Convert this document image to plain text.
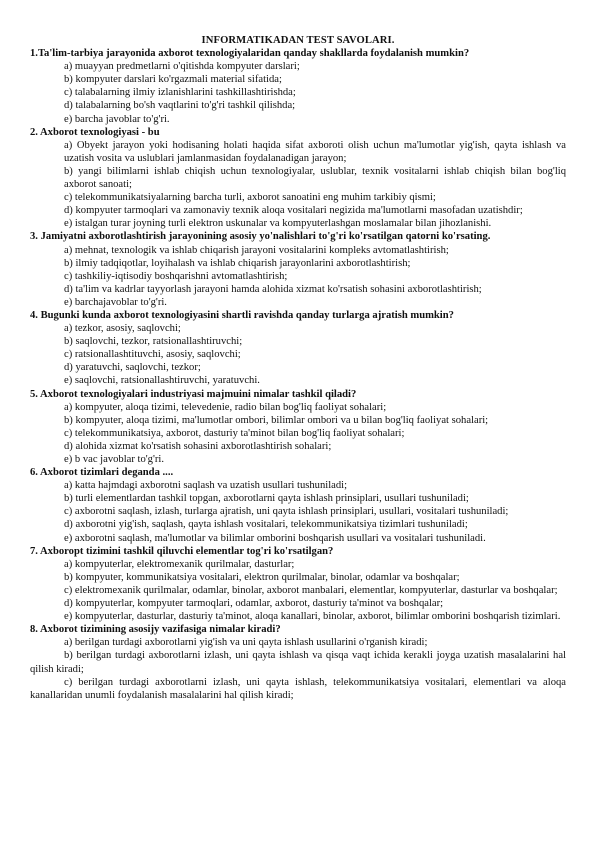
INFORMATIKADAN TEST SAVOLARI.

1.Ta'lim-tarbiya jarayonida axborot texnologiyalaridan qanday shakllarda foydalanish mumkin?

a) muayyan predmetlarni o'qitishda kompyuter darslari;

b) kompyuter darslari ko'rgazmali material sifatida;

c) talabalarning ilmiy izlanishlarini tashkillashtirishda;

d) talabalarning bo'sh vaqtlarini to'g'ri tashkil qilishda;

e) barcha javoblar to'g'ri.

2. Axborot texnologiyasi - bu

a) Obyekt jarayon yoki hodisaning holati haqida sifat axboroti olish uchun ma'lumotlar yig'ish, qayta ishlash va uzatish vosita va uslublari jamlanmasidan foydalanadigan jarayon;

b) yangi bilimlarni ishlab chiqish uchun texnologiyalar, uslublar, texnik vositalarni ishlab chiqish bilan bog'liq axborot sanoati;

c) telekommunikatsiyalarning barcha turli, axborot sanoatini eng muhim tarkibiy qismi;

d) kompyuter tarmoqlari va zamonaviy texnik aloqa vositalari negizida ma'lumotlarni masofadan uzatishdir;

e) istalgan turar joyning turli elektron uskunalar va kompyuterlashgan moslamalar bilan jihozlanishi.

3. Jamiyatni axborotlashtirish jarayonining asosiy yo'nalishlari to'g'ri ko'rsatilgan qatorni ko'rsating.

a) mehnat, texnologik va ishlab chiqarish jarayoni vositalarini kompleks avtomatlashtirish;

b) ilmiy tadqiqotlar, loyihalash va ishlab chiqarish jarayonlarini axborotlashtirish;

c) tashkiliy-iqtisodiy boshqarishni avtomatlashtirish;

d) ta'lim va kadrlar tayyorlash jarayoni hamda alohida xizmat ko'rsatish sohasini axborotlashtirish;

e) barchajavoblar to'g'ri.

4. Bugunki kunda axborot texnologiyasini shartli ravishda qanday turlarga ajratish mumkin?

a) tezkor, asosiy, saqlovchi;

b) saqlovchi, tezkor, ratsionallashtiruvchi;

c) ratsionallashtituvchi, asosiy, saqlovchi;

d) yaratuvchi, saqlovchi, tezkor;

e) saqlovchi, ratsionallashtiruvchi, yaratuvchi.

5. Axborot texnologiyalari industriyasi majmuini nimalar tashkil qiladi?

a) kompyuter, aloqa tizimi, televedenie, radio bilan bog'liq faoliyat sohalari;

b) kompyuter, aloqa tizimi, ma'lumotlar ombori, bilimlar ombori va u bilan bog'liq faoliyat sohalari;

c) telekommunikatsiya, axborot, dasturiy ta'minot bilan bog'liq faoliyat sohalari;

d) alohida xizmat ko'rsatish sohasini axborotlashtirish sohalari;

e) b vac javoblar to'g'ri.

6. Axborot tizimlari deganda ....

a) katta hajmdagi axborotni saqlash va uzatish usullari tushuniladi;

b) turli elementlardan tashkil topgan, axborotlarni qayta ishlash prinsiplari, usullari tushuniladi;

c) axborotni saqlash, izlash, turlarga ajratish, uni qayta ishlash prinsiplari, usullari, vositalari tushuniladi;

d) axborotni yig'ish, saqlash, qayta ishlash vositalari, telekommunikatsiya tizimlari tushuniladi;

e) axborotni saqlash, ma'lumotlar va bilimlar omborini boshqarish usullari va vositalari tushuniladi.

7. Axboropt tizimini tashkil qiluvchi elementlar tog'ri ko'rsatilgan?

a) kompyuterlar, elektromexanik qurilmalar, dasturlar;

b) kompyuter, kommunikatsiya vositalari, elektron qurilmalar, binolar, odamlar va boshqalar;

c) elektromexanik qurilmalar, odamlar, binolar, axborot manbalari, elementlar, kompyuterlar, dasturlar va boshqalar;

d) kompyuterlar, kompyuter tarmoqlari, odamlar, axborot, dasturiy ta'minot va boshqalar;

e) kompyuterlar, dasturlar, dasturiy ta'minot, aloqa kanallari, binolar, axborot, bilimlar omborini boshqarish tizimlari.

8. Axborot tizimining asosijy vazifasiga nimalar kiradi?

a) berilgan turdagi axborotlarni yig'ish va uni qayta ishlash usullarini o'rganish kiradi;

b) berilgan turdagi axborotlarni izlash, uni qayta ishlash va qisqa vaqt ichida kerakli joyga uzatish masalalarini hal qilish kiradi;

c) berilgan turdagi axborotlarni izlash, uni qayta ishlash, telekommunikatsiya vositalari, elementlari va aloqa kanallaridan unumli foydalanish masalalarini hal qilish kiradi;
